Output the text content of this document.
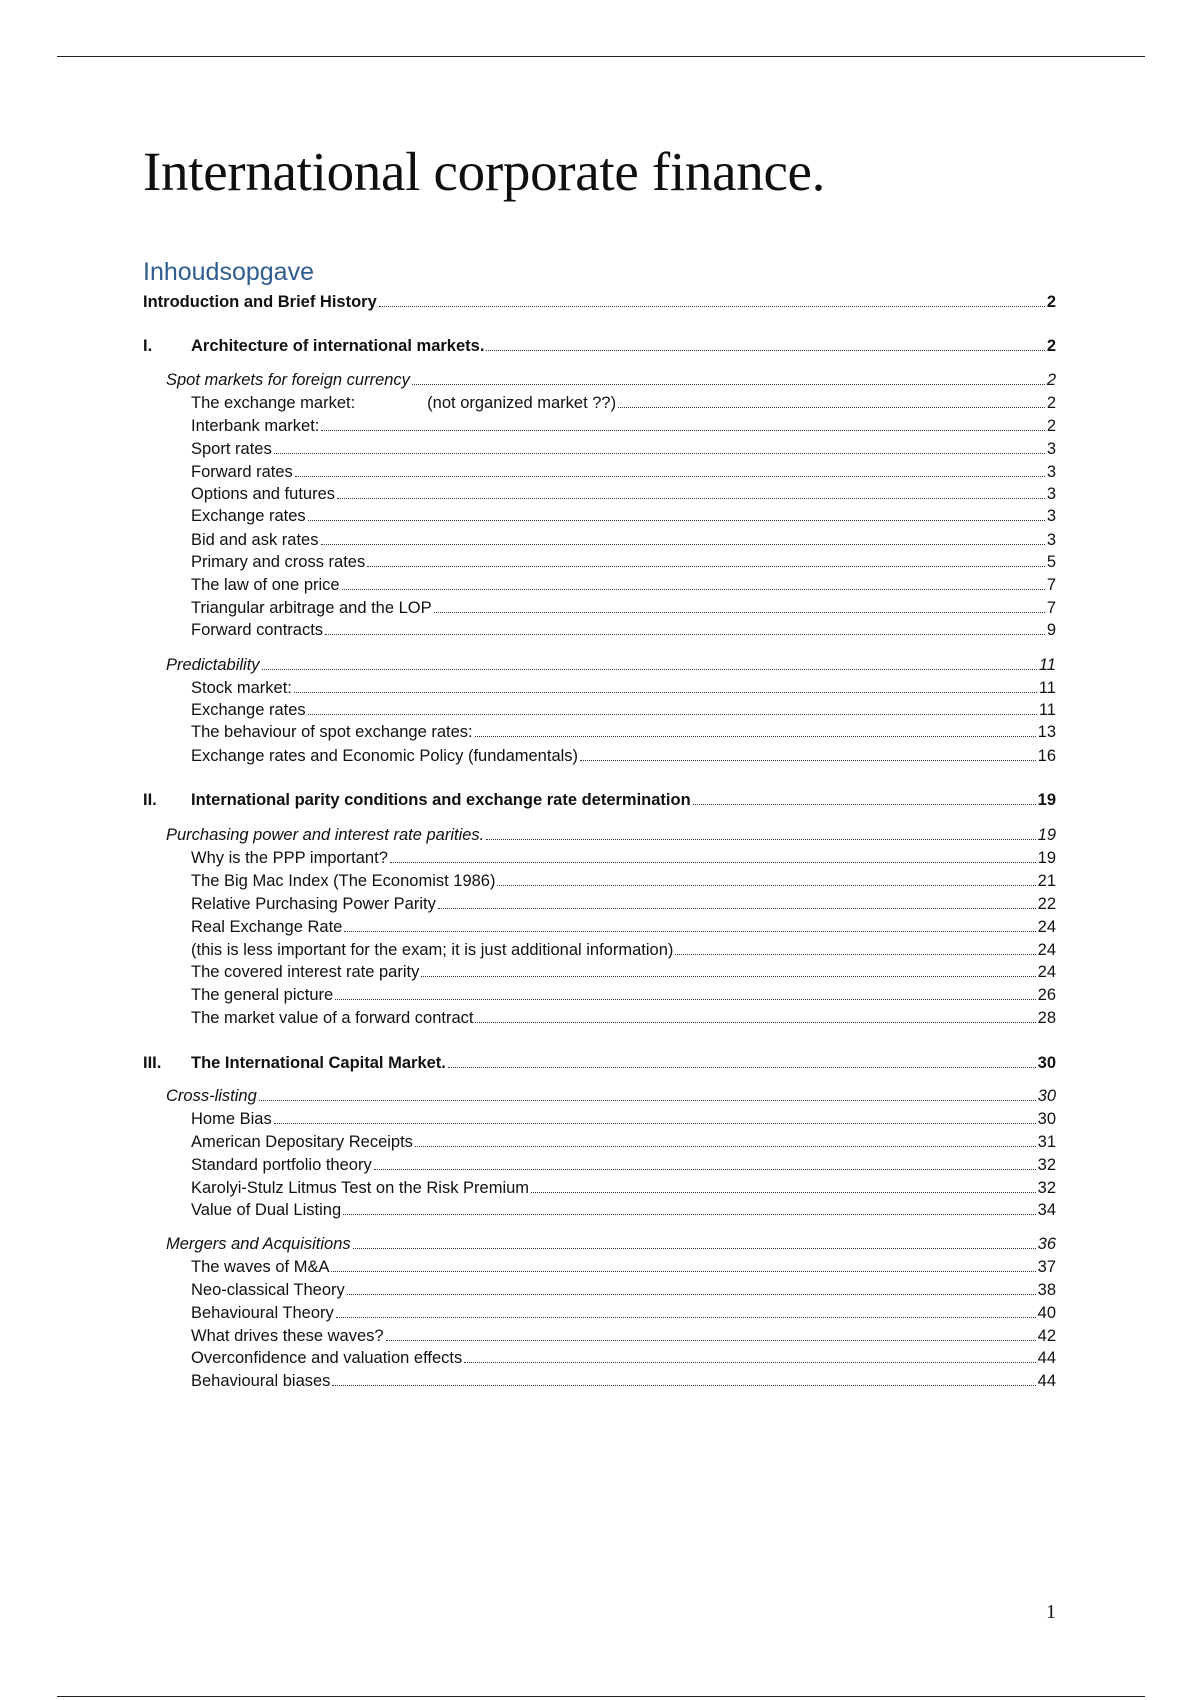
International corporate finance.
Inhoudsopgave
Introduction and Brief History	2
I.	Architecture of international markets.	2
Spot markets for foreign currency	2
The exchange market:	(not organized market ??)	2
Interbank market:	2
Sport rates	3
Forward rates	3
Options and futures	3
Exchange rates	3
Bid and ask rates	3
Primary and cross rates	5
The law of one price	7
Triangular arbitrage and the LOP	7
Forward contracts	9
Predictability	11
Stock market:	11
Exchange rates	11
The behaviour of spot exchange rates:	13
Exchange rates and Economic Policy (fundamentals)	16
II.	International parity conditions and exchange rate determination	19
Purchasing power and interest rate parities.	19
Why is the PPP important?	19
The Big Mac Index (The Economist 1986)	21
Relative Purchasing Power Parity	22
Real Exchange Rate	24
(this is less important for the exam; it is just additional information)	24
The covered interest rate parity	24
The general picture	26
The market value of a forward contract	28
III.	The International Capital Market.	30
Cross-listing	30
Home Bias	30
American Depositary Receipts	31
Standard portfolio theory	32
Karolyi-Stulz Litmus Test on the Risk Premium	32
Value of Dual Listing	34
Mergers and Acquisitions	36
The waves of M&A	37
Neo-classical Theory	38
Behavioural Theory	40
What drives these waves?	42
Overconfidence and valuation effects	44
Behavioural biases	44

1
